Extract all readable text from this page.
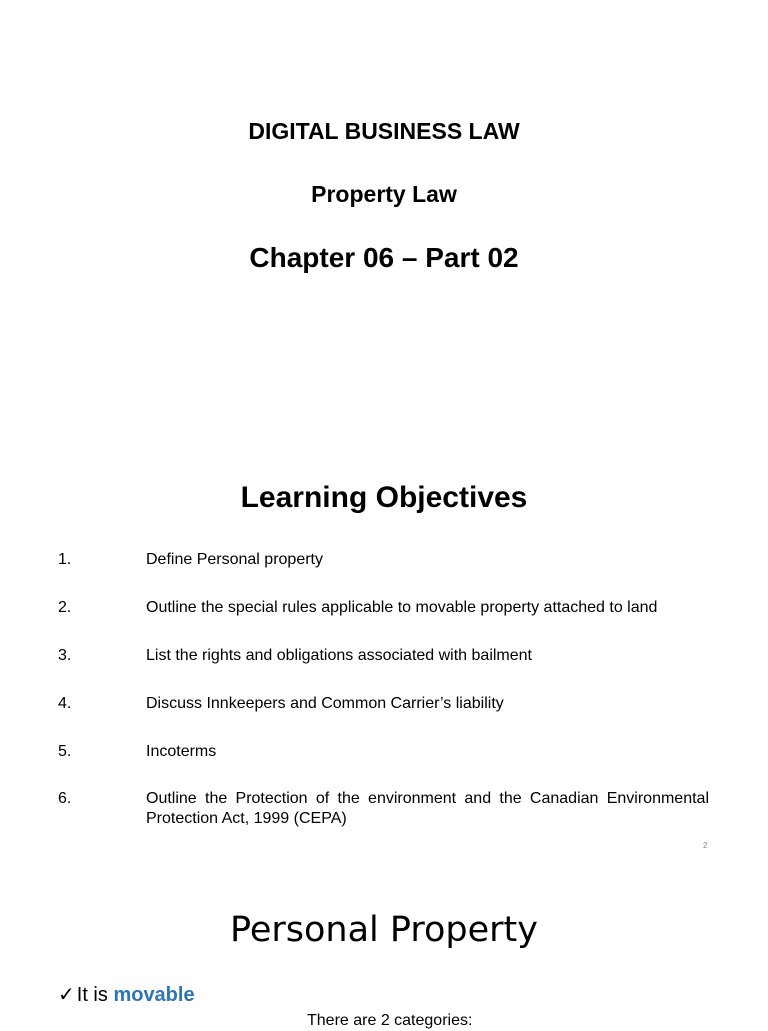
DIGITAL BUSINESS LAW
Property Law
Chapter 06 – Part 02
Learning Objectives
1.	Define Personal property
2.	Outline the special rules applicable to movable property attached to land
3.	List the rights and obligations associated with bailment
4.	Discuss Innkeepers and Common Carrier’s liability
5.	Incoterms
6.	Outline the Protection of the environment and the Canadian Environmental Protection Act, 1999 (CEPA)
2
Personal Property
✓ It is movable
There are 2 categories:
